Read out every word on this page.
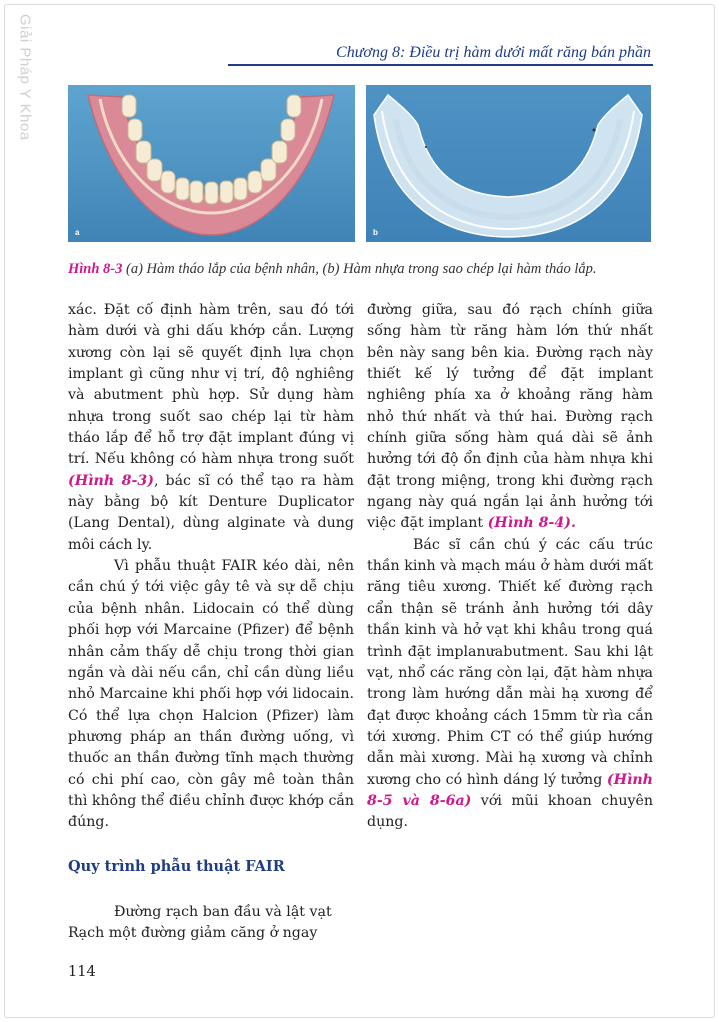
Giải Pháp Y Khoa	Chương 8: Điều trị hàm dưới mất răng bán phần
a	b
Hình 8-3 (a) Hàm tháo lắp của bệnh nhân, (b) Hàm nhựa trong sao chép lại hàm tháo lắp.

xác. Đặt cố định hàm trên, sau đó tới hàm dưới và ghi dấu khớp cắn. Lượng xương còn lại sẽ quyết định lựa chọn implant gì cũng như vị trí, độ nghiêng và abutment phù hợp. Sử dụng hàm nhựa trong suốt sao chép lại từ hàm tháo lắp để hỗ trợ đặt implant đúng vị trí. Nếu không có hàm nhựa trong suốt (Hình 8-3), bác sĩ có thể tạo ra hàm này bằng bộ kít Denture Duplicator (Lang Dental), dùng alginate và dung môi cách ly.

Vì phẫu thuật FAIR kéo dài, nên cần chú ý tới việc gây tê và sự dễ chịu của bệnh nhân. Lidocain có thể dùng phối hợp với Marcaine (Pfizer) để bệnh nhân cảm thấy dễ chịu trong thời gian ngắn và dài nếu cần, chỉ cần dùng liều nhỏ Marcaine khi phối hợp với lidocain. Có thể lựa chọn Halcion (Pfizer) làm phương pháp an thần đường uống, vì thuốc an thần đường tĩnh mạch thường có chi phí cao, còn gây mê toàn thân thì không thể điều chỉnh được khớp cắn đúng.

đường giữa, sau đó rạch chính giữa sống hàm từ răng hàm lớn thứ nhất bên này sang bên kia. Đường rạch này thiết kế lý tưởng để đặt implant nghiêng phía xa ở khoảng răng hàm nhỏ thứ nhất và thứ hai. Đường rạch chính giữa sống hàm quá dài sẽ ảnh hưởng tới độ ổn định của hàm nhựa khi đặt trong miệng, trong khi đường rạch ngang này quá ngắn lại ảnh hưởng tới việc đặt implant (Hình 8-4).

Bác sĩ cần chú ý các cấu trúc thần kinh và mạch máu ở hàm dưới mất răng tiêu xương. Thiết kế đường rạch cẩn thận sẽ tránh ảnh hưởng tới dây thần kinh và hở vạt khi khâu trong quá trình đặt implanưabutment. Sau khi lật vạt, nhổ các răng còn lại, đặt hàm nhựa trong làm hướng dẫn mài hạ xương để đạt được khoảng cách 15mm từ rìa cắn tới xương. Phim CT có thể giúp hướng dẫn mài xương. Mài hạ xương và chỉnh xương cho có hình dáng lý tưởng (Hình 8-5 và 8-6a) với mũi khoan chuyên dụng.

Quy trình phẫu thuật FAIR
Đường rạch ban đầu và lật vạt
Rạch một đường giảm căng ở ngay
114
